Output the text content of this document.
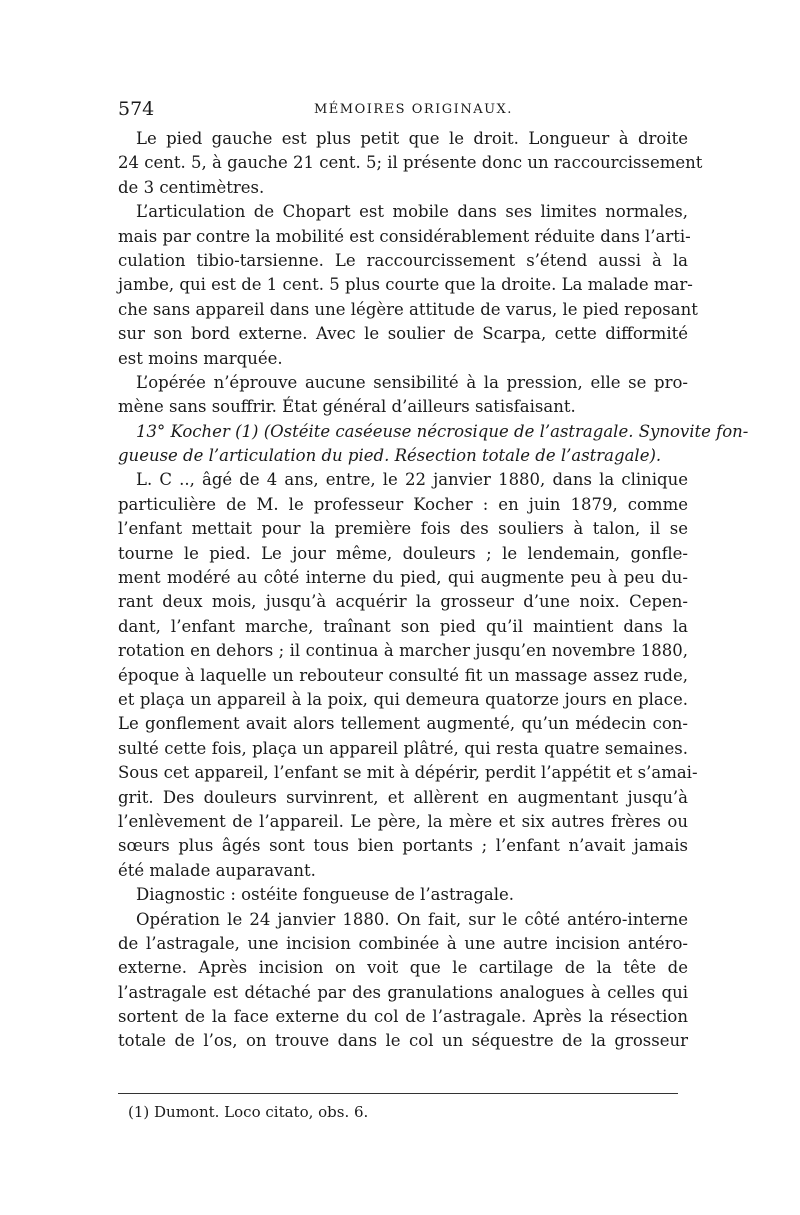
574	MÉMOIRES ORIGINAUX.
Le pied gauche est plus petit que le droit. Longueur à droite
24 cent. 5, à gauche 21 cent. 5; il présente donc un raccourcissement
de 3 centimètres.
L’articulation de Chopart est mobile dans ses limites normales,
mais par contre la mobilité est considérablement réduite dans l’arti-
culation tibio-tarsienne. Le raccourcissement s’étend aussi à la
jambe, qui est de 1 cent. 5 plus courte que la droite. La malade mar-
che sans appareil dans une légère attitude de varus, le pied reposant
sur son bord externe. Avec le soulier de Scarpa, cette difformité
est moins marquée.
L’opérée n’éprouve aucune sensibilité à la pression, elle se pro-
mène sans souffrir. État général d’ailleurs satisfaisant.
13° Kocher (1) (Ostéite caséeuse nécrosique de l’astragale. Synovite fon-
gueuse de l’articulation du pied. Résection totale de l’astragale).
L. C .., âgé de 4 ans, entre, le 22 janvier 1880, dans la clinique
particulière de M. le professeur Kocher : en juin 1879, comme
l’enfant mettait pour la première fois des souliers à talon, il se
tourne le pied. Le jour même, douleurs ; le lendemain, gonfle-
ment modéré au côté interne du pied, qui augmente peu à peu du-
rant deux mois, jusqu’à acquérir la grosseur d’une noix. Cepen-
dant, l’enfant marche, traînant son pied qu’il maintient dans la
rotation en dehors ; il continua à marcher jusqu’en novembre 1880,
époque à laquelle un rebouteur consulté fit un massage assez rude,
et plaça un appareil à la poix, qui demeura quatorze jours en place.
Le gonflement avait alors tellement augmenté, qu’un médecin con-
sulté cette fois, plaça un appareil plâtré, qui resta quatre semaines.
Sous cet appareil, l’enfant se mit à dépérir, perdit l’appétit et s’amai-
grit. Des douleurs survinrent, et allèrent en augmentant jusqu’à
l’enlèvement de l’appareil. Le père, la mère et six autres frères ou
sœurs plus âgés sont tous bien portants ; l’enfant n’avait jamais
été malade auparavant.
Diagnostic : ostéite fongueuse de l’astragale.
Opération le 24 janvier 1880. On fait, sur le côté antéro-interne
de l’astragale, une incision combinée à une autre incision antéro-
externe. Après incision on voit que le cartilage de la tête de
l’astragale est détaché par des granulations analogues à celles qui
sortent de la face externe du col de l’astragale. Après la résection
totale de l’os, on trouve dans le col un séquestre de la grosseur
(1) Dumont. Loco citato, obs. 6.
